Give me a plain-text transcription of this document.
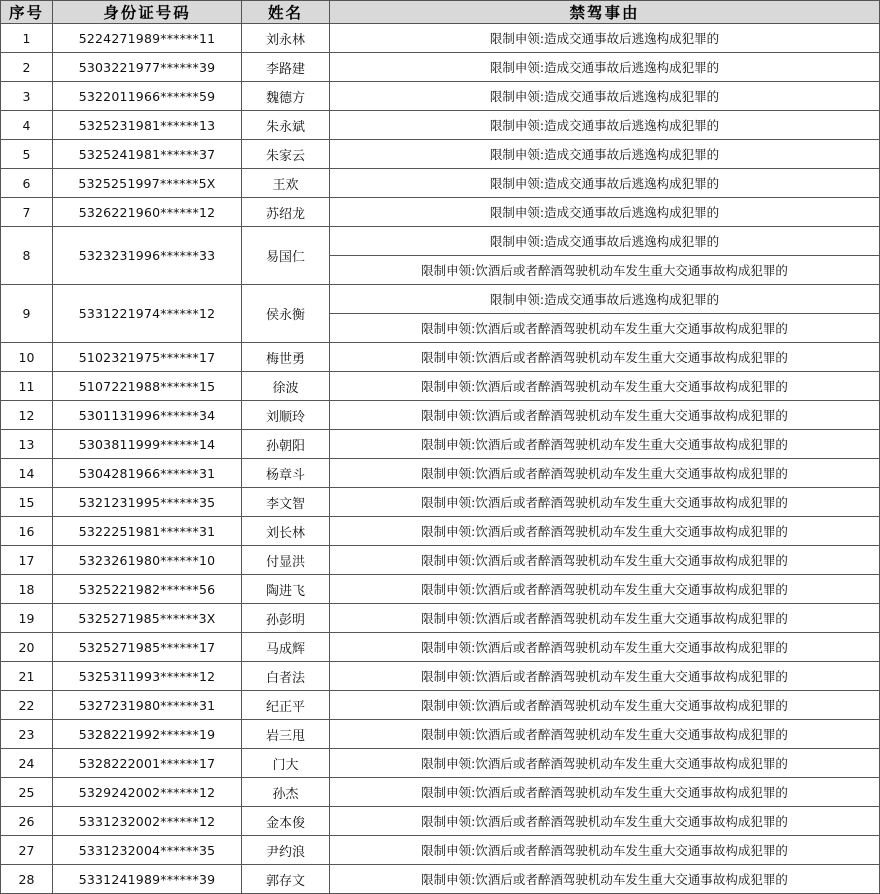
序号	身份证号码	姓名	禁驾事由
1	5224271989******11	刘永林	限制申领:造成交通事故后逃逸构成犯罪的
2	5303221977******39	李路建	限制申领:造成交通事故后逃逸构成犯罪的
3	5322011966******59	魏德方	限制申领:造成交通事故后逃逸构成犯罪的
4	5325231981******13	朱永斌	限制申领:造成交通事故后逃逸构成犯罪的
5	5325241981******37	朱家云	限制申领:造成交通事故后逃逸构成犯罪的
6	5325251997******5X	王欢	限制申领:造成交通事故后逃逸构成犯罪的
7	5326221960******12	苏绍龙	限制申领:造成交通事故后逃逸构成犯罪的
8	5323231996******33	易国仁	限制申领:造成交通事故后逃逸构成犯罪的
			限制申领:饮酒后或者醉酒驾驶机动车发生重大交通事故构成犯罪的
9	5331221974******12	侯永衡	限制申领:造成交通事故后逃逸构成犯罪的
			限制申领:饮酒后或者醉酒驾驶机动车发生重大交通事故构成犯罪的
10	5102321975******17	梅世勇	限制申领:饮酒后或者醉酒驾驶机动车发生重大交通事故构成犯罪的
11	5107221988******15	徐波	限制申领:饮酒后或者醉酒驾驶机动车发生重大交通事故构成犯罪的
12	5301131996******34	刘顺玲	限制申领:饮酒后或者醉酒驾驶机动车发生重大交通事故构成犯罪的
13	5303811999******14	孙朝阳	限制申领:饮酒后或者醉酒驾驶机动车发生重大交通事故构成犯罪的
14	5304281966******31	杨章斗	限制申领:饮酒后或者醉酒驾驶机动车发生重大交通事故构成犯罪的
15	5321231995******35	李文智	限制申领:饮酒后或者醉酒驾驶机动车发生重大交通事故构成犯罪的
16	5322251981******31	刘长林	限制申领:饮酒后或者醉酒驾驶机动车发生重大交通事故构成犯罪的
17	5323261980******10	付显洪	限制申领:饮酒后或者醉酒驾驶机动车发生重大交通事故构成犯罪的
18	5325221982******56	陶进飞	限制申领:饮酒后或者醉酒驾驶机动车发生重大交通事故构成犯罪的
19	5325271985******3X	孙彭明	限制申领:饮酒后或者醉酒驾驶机动车发生重大交通事故构成犯罪的
20	5325271985******17	马成辉	限制申领:饮酒后或者醉酒驾驶机动车发生重大交通事故构成犯罪的
21	5325311993******12	白者法	限制申领:饮酒后或者醉酒驾驶机动车发生重大交通事故构成犯罪的
22	5327231980******31	纪正平	限制申领:饮酒后或者醉酒驾驶机动车发生重大交通事故构成犯罪的
23	5328221992******19	岩三甩	限制申领:饮酒后或者醉酒驾驶机动车发生重大交通事故构成犯罪的
24	5328222001******17	门大	限制申领:饮酒后或者醉酒驾驶机动车发生重大交通事故构成犯罪的
25	5329242002******12	孙杰	限制申领:饮酒后或者醉酒驾驶机动车发生重大交通事故构成犯罪的
26	5331232002******12	金本俊	限制申领:饮酒后或者醉酒驾驶机动车发生重大交通事故构成犯罪的
27	5331232004******35	尹约浪	限制申领:饮酒后或者醉酒驾驶机动车发生重大交通事故构成犯罪的
28	5331241989******39	郭存文	限制申领:饮酒后或者醉酒驾驶机动车发生重大交通事故构成犯罪的
